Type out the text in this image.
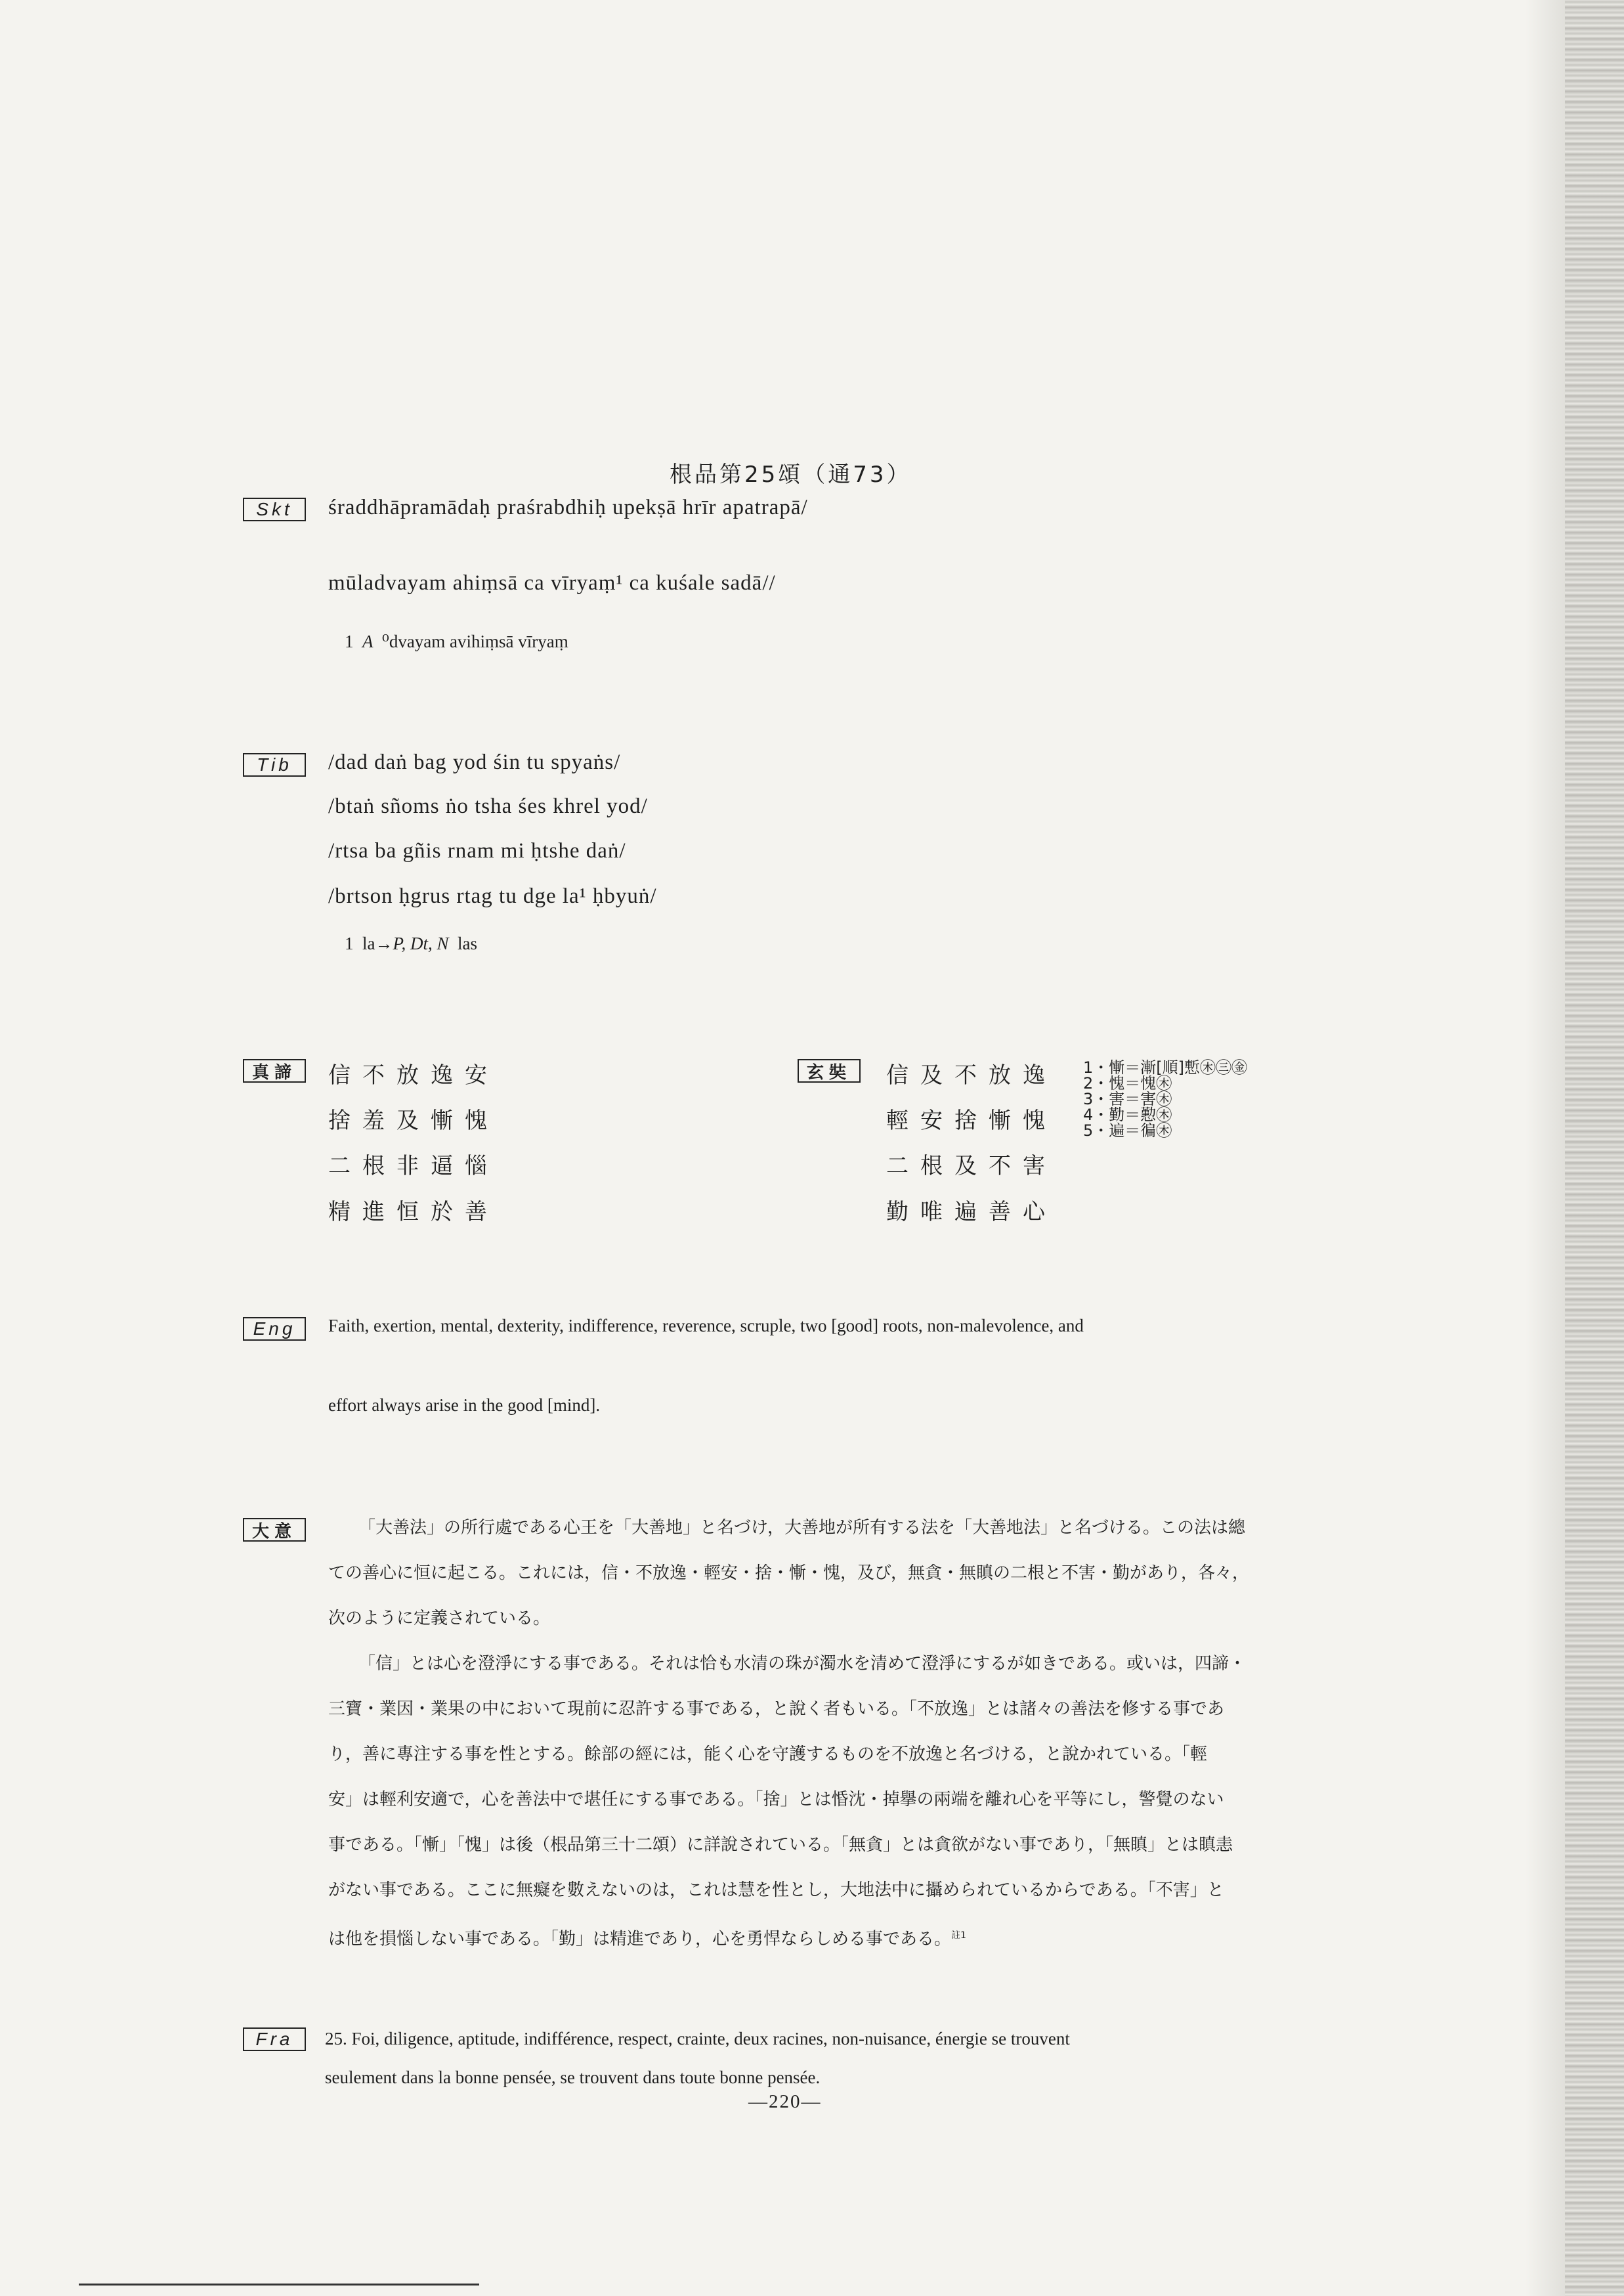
根品第25頌（通73）
Skt	śraddhāpramādaḥ praśrabdhiḥ upekṣā hrīr apatrapā/
mūladvayam ahiṃsā ca vīryaṃ¹ ca kuśale sadā//
1 A ⁰dvayam avihiṃsā vīryaṃ
Tib	/dad daṅ bag yod śin tu spyaṅs/
/btaṅ sñoms ṅo tsha śes khrel yod/
/rtsa ba gñis rnam mi ḥtshe daṅ/
/brtson ḥgrus rtag tu dge la¹ ḥbyuṅ/
1 la→P, Dt, N las
真諦	信不放逸安
捨羞及慚愧
二根非逼惱
精進恒於善
玄奘	信及不放逸
輕安捨慚愧
二根及不害
勤唯遍善心
1・慚＝漸[順]慙㊍㊂㊎
2・愧＝愧㊍
3・害＝害㊍
4・勤＝懃㊍
5・遍＝徧㊍
Eng	Faith, exertion, mental, dexterity, indifference, reverence, scruple, two [good] roots, non-malevolence, and
effort always arise in the good [mind].
大意	「大善法」の所行處である心王を「大善地」と名づけ，大善地が所有する法を「大善地法」と名づける。この法は總

ての善心に恒に起こる。これには，信・不放逸・輕安・捨・慚・愧，及び，無貪・無瞋の二根と不害・勤があり，各々，

次のように定義されている。

「信」とは心を澄淨にする事である。それは恰も水清の珠が濁水を清めて澄淨にするが如きである。或いは，四諦・

三寶・業因・業果の中において現前に忍許する事である，と說く者もいる。「不放逸」とは諸々の善法を修する事であ

り，善に專注する事を性とする。餘部の經には，能く心を守護するものを不放逸と名づける，と說かれている。「輕

安」は輕利安適で，心を善法中で堪任にする事である。「捨」とは惛沈・掉擧の兩端を離れ心を平等にし，警覺のない

事である。「慚」「愧」は後（根品第三十二頌）に詳說されている。「無貪」とは貪欲がない事であり，「無瞋」とは瞋恚

がない事である。ここに無癡を數えないのは，これは慧を性とし，大地法中に攝められているからである。「不害」と

は他を損惱しない事である。「勤」は精進であり，心を勇悍ならしめる事である。$^{註1}$

Fra	25. Foi, diligence, aptitude, indifférence, respect, crainte, deux racines, non-nuisance, énergie se trouvent
seulement dans la bonne pensée, se trouvent dans toute bonne pensée.
—220—
